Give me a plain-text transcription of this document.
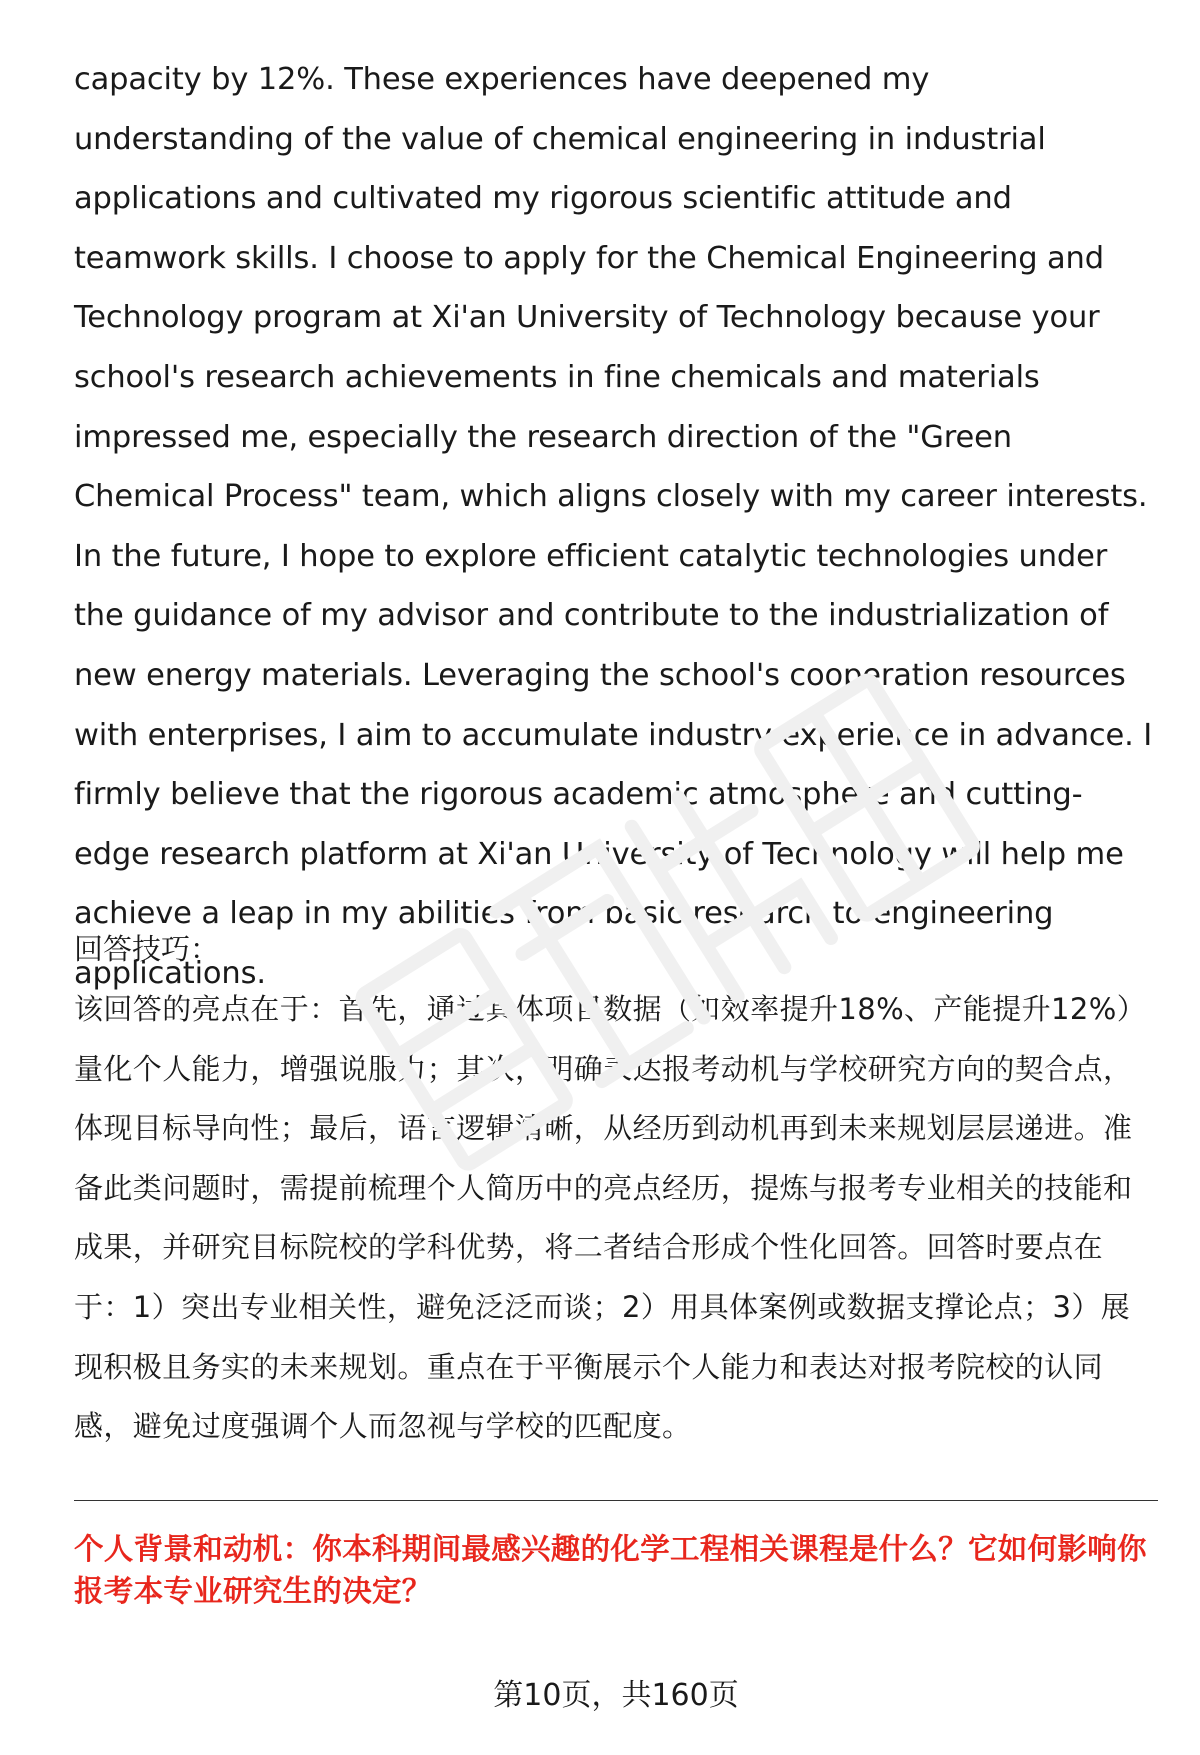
capacity by 12%. These experiences have deepened my understanding of the value of chemical engineering in industrial applications and cultivated my rigorous scientific attitude and teamwork skills. I choose to apply for the Chemical Engineering and Technology program at Xi'an University of Technology because your school's research achievements in fine chemicals and materials impressed me, especially the research direction of the "Green Chemical Process" team, which aligns closely with my career interests. In the future, I hope to explore efficient catalytic technologies under the guidance of my advisor and contribute to the industrialization of new energy materials. Leveraging the school's cooperation resources with enterprises, I aim to accumulate industry experience in advance. I firmly believe that the rigorous academic atmosphere and cutting-edge research platform at Xi'an University of Technology will help me achieve a leap in my abilities from basic research to engineering applications.

回答技巧：

该回答的亮点在于：首先，通过具体项目数据（如效率提升18%、产能提升12%）量化个人能力，增强说服力；其次，明确表达报考动机与学校研究方向的契合点，体现目标导向性；最后，语言逻辑清晰，从经历到动机再到未来规划层层递进。准备此类问题时，需提前梳理个人简历中的亮点经历，提炼与报考专业相关的技能和成果，并研究目标院校的学科优势，将二者结合形成个性化回答。回答时要点在于：1）突出专业相关性，避免泛泛而谈；2）用具体案例或数据支撑论点；3）展现积极且务实的未来规划。重点在于平衡展示个人能力和表达对报考院校的认同感，避免过度强调个人而忽视与学校的匹配度。

个人背景和动机：你本科期间最感兴趣的化学工程相关课程是什么？它如何影响你报考本专业研究生的决定？

第10页，共160页
